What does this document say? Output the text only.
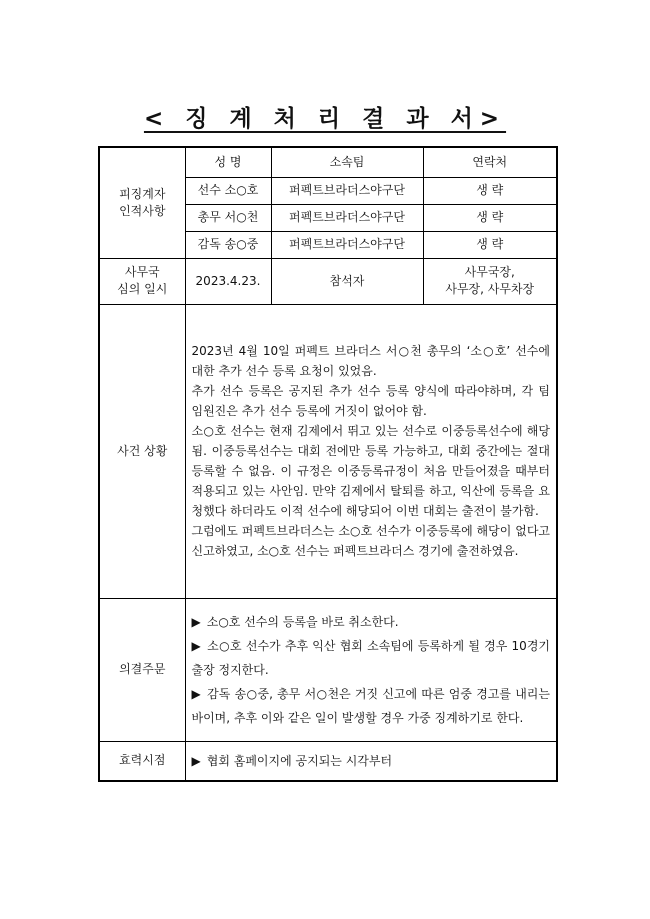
< 징 계 처 리 결 과 서>
피징계자
인적사항	성 명	소속팀	연락처
	선수 소○호	퍼펙트브라더스야구단	생 략
	총무 서○천	퍼펙트브라더스야구단	생 략
	감독 송○중	퍼펙트브라더스야구단	생 략
사무국
심의 일시	2023.4.23.	참석자	사무국장,
사무장, 사무차장
사건 상황	2023년 4월 10일 퍼펙트 브라더스 서○천 총무의 ‘소○호’ 선수에 대한 추가 선수 등록 요청이 있었음.

추가 선수 등록은 공지된 추가 선수 등록 양식에 따라야하며, 각 팀 임원진은 추가 선수 등록에 거짓이 없어야 함.

소○호 선수는 현재 김제에서 뛰고 있는 선수로 이중등록선수에 해당됨. 이중등록선수는 대회 전에만 등록 가능하고, 대회 중간에는 절대 등록할 수 없음. 이 규정은 이중등록규정이 처음 만들어졌을 때부터 적용되고 있는 사안임. 만약 김제에서 탈퇴를 하고, 익산에 등록을 요청했다 하더라도 이적 선수에 해당되어 이번 대회는 출전이 불가함.

그럼에도 퍼펙트브라더스는 소○호 선수가 이중등록에 해당이 없다고 신고하였고, 소○호 선수는 퍼펙트브라더스 경기에 출전하였음.		

의결주문	▶ 소○호 선수의 등록을 바로 취소한다.

▶ 소○호 선수가 추후 익산 협회 소속팀에 등록하게 될 경우 10경기 출장 정지한다.

▶ 감독 송○중, 총무 서○천은 거짓 신고에 따른 엄중 경고를 내리는 바이며, 추후 이와 같은 일이 발생할 경우 가중 징계하기로 한다.		

효력시점	▶ 협회 홈페이지에 공지되는 시각부터		
